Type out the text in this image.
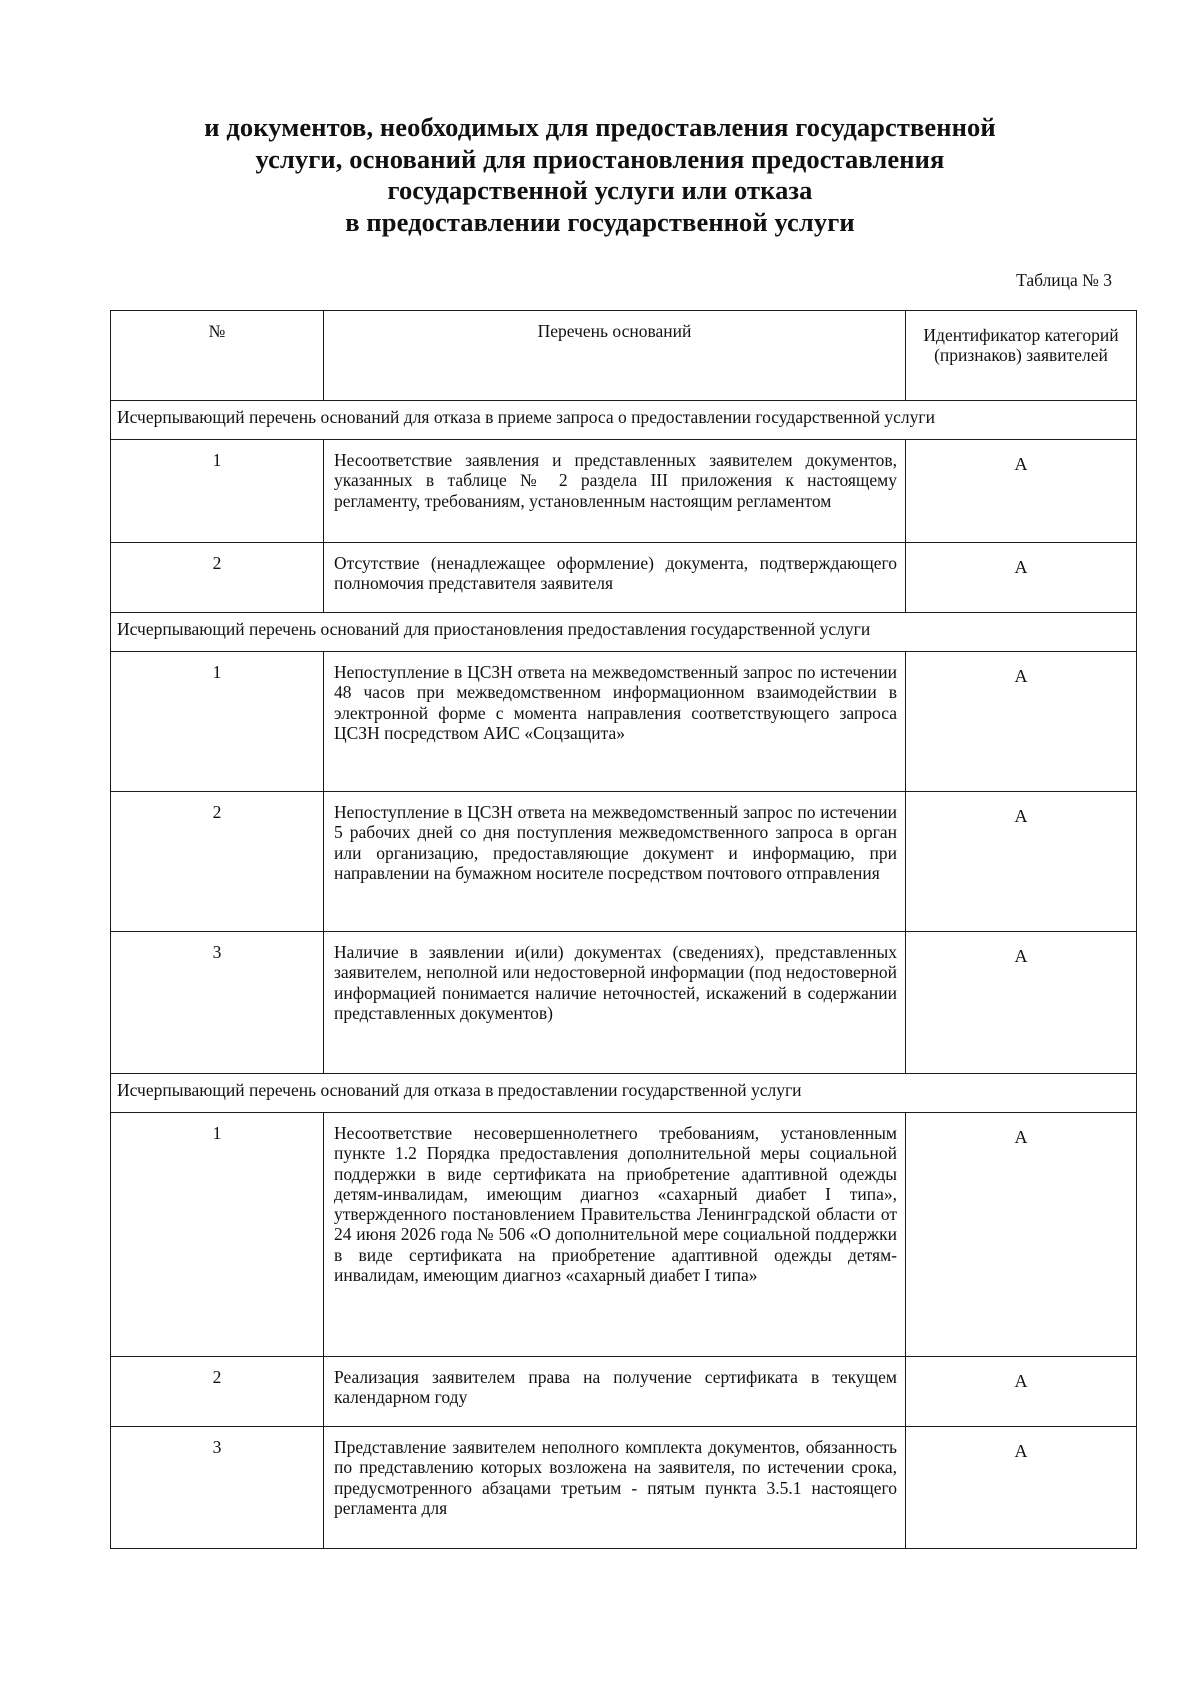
и документов, необходимых для предоставления государственной
услуги, оснований для приостановления предоставления
государственной услуги или отказа
в предоставлении государственной услуги
Таблица № 3
№	Перечень оснований	Идентификатор категорий (признаков) заявителей
Исчерпывающий перечень оснований для отказа в приеме запроса о предоставлении государственной услуги		
1	Несоответствие заявления и представленных заявителем документов, указанных в таблице № 2 раздела III приложения к настоящему регламенту, требованиям, установленным настоящим регламентом	А
2	Отсутствие (ненадлежащее оформление) документа, подтверждающего полномочия представителя заявителя	А
Исчерпывающий перечень оснований для приостановления предоставления государственной услуги		
1	Непоступление в ЦСЗН ответа на межведомственный запрос по истечении 48 часов при межведомственном информационном взаимодействии в электронной форме с момента направления соответствующего запроса ЦСЗН посредством АИС «Соцзащита»	А
2	Непоступление в ЦСЗН ответа на межведомственный запрос по истечении 5 рабочих дней со дня поступления межведомственного запроса в орган или организацию, предоставляющие документ и информацию, при направлении на бумажном носителе посредством почтового отправления	А
3	Наличие в заявлении и(или) документах (сведениях), представленных заявителем, неполной или недостоверной информации (под недостоверной информацией понимается наличие неточностей, искажений в содержании представленных документов)	А
Исчерпывающий перечень оснований для отказа в предоставлении государственной услуги		
1	Несоответствие несовершеннолетнего требованиям, установленным пункте 1.2 Порядка предоставления дополнительной меры социальной поддержки в виде сертификата на приобретение адаптивной одежды детям-инвалидам, имеющим диагноз «сахарный диабет I типа», утвержденного постановлением Правительства Ленинградской области от 24 июня 2026 года № 506 «О дополнительной мере социальной поддержки в виде сертификата на приобретение адаптивной одежды детям-инвалидам, имеющим диагноз «сахарный диабет I типа»	А
2	Реализация заявителем права на получение сертификата в текущем календарном году	А
3	Представление заявителем неполного комплекта документов, обязанность по представлению которых возложена на заявителя, по истечении срока, предусмотренного абзацами третьим - пятым пункта 3.5.1 настоящего регламента для	А
